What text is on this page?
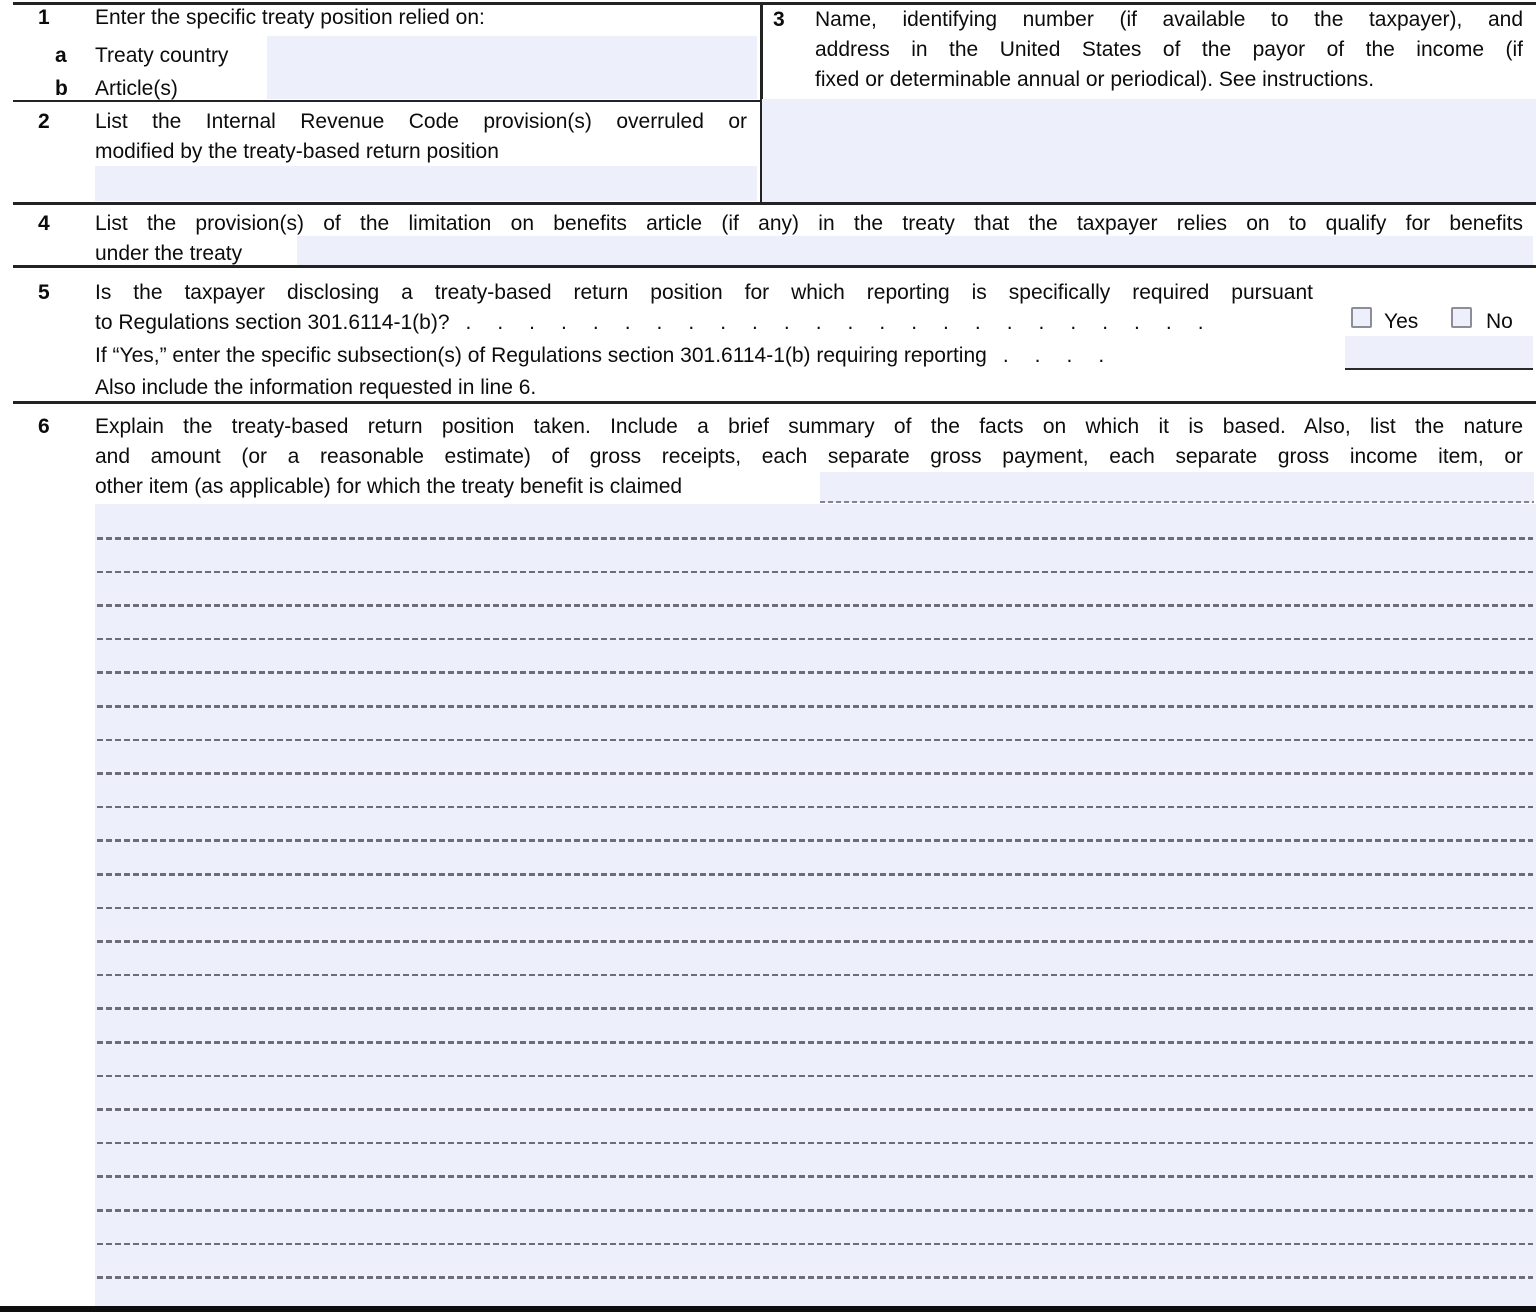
1 Enter the specific treaty position relied on:
a Treaty country
b Article(s)
2 List the Internal Revenue Code provision(s) overruled or
modified by the treaty-based return position
3 Name, identifying number (if available to the taxpayer), and
address in the United States of the payor of the income (if
fixed or determinable annual or periodical). See instructions.
4 List the provision(s) of the limitation on benefits article (if any) in the treaty that the taxpayer relies on to qualify for benefits
under the treaty
5 Is the taxpayer disclosing a treaty-based return position for which reporting is specifically required pursuant
to Regulations section 301.6114-1(b)? ........................	Yes	No
If “Yes,” enter the specific subsection(s) of Regulations section 301.6114-1(b) requiring reporting ....
Also include the information requested in line 6.
6 Explain the treaty-based return position taken. Include a brief summary of the facts on which it is based. Also, list the nature
and amount (or a reasonable estimate) of gross receipts, each separate gross payment, each separate gross income item, or
other item (as applicable) for which the treaty benefit is claimed
